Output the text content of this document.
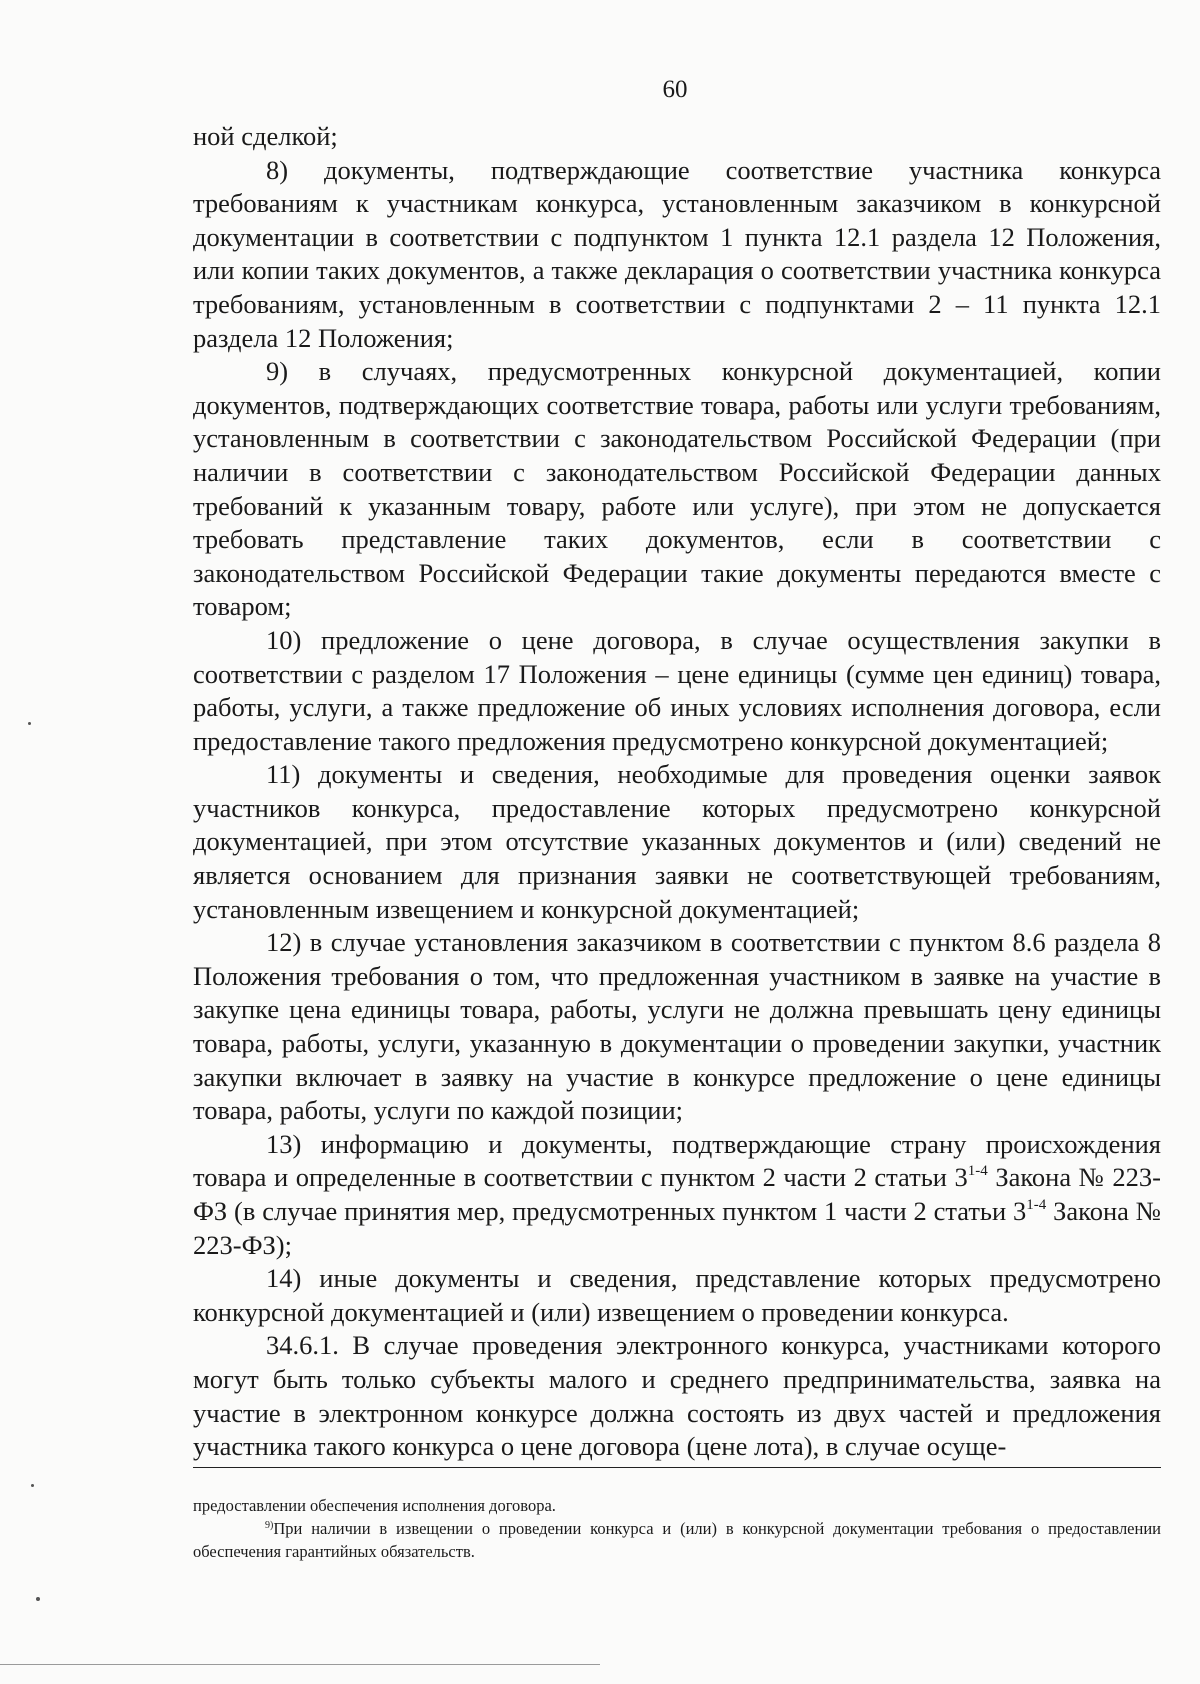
60

ной сделкой;

8) документы, подтверждающие соответствие участника конкурса требованиям к участникам конкурса, установленным заказчиком в конкурсной документации в соответствии с подпунктом 1 пункта 12.1 раздела 12 Положения, или копии таких документов, а также декларация о соответствии участника конкурса требованиям, установленным в соответствии с подпунктами 2 – 11 пункта 12.1 раздела 12 Положения;

9) в случаях, предусмотренных конкурсной документацией, копии документов, подтверждающих соответствие товара, работы или услуги требованиям, установленным в соответствии с законодательством Российской Федерации (при наличии в соответствии с законодательством Российской Федерации данных требований к указанным товару, работе или услуге), при этом не допускается требовать представление таких документов, если в соответствии с законодательством Российской Федерации такие документы передаются вместе с товаром;

10) предложение о цене договора, в случае осуществления закупки в соответствии с разделом 17 Положения – цене единицы (сумме цен единиц) товара, работы, услуги, а также предложение об иных условиях исполнения договора, если предоставление такого предложения предусмотрено конкурсной документацией;

11) документы и сведения, необходимые для проведения оценки заявок участников конкурса, предоставление которых предусмотрено конкурсной документацией, при этом отсутствие указанных документов и (или) сведений не является основанием для признания заявки не соответствующей требованиям, установленным извещением и конкурсной документацией;

12) в случае установления заказчиком в соответствии с пунктом 8.6 раздела 8 Положения требования о том, что предложенная участником в заявке на участие в закупке цена единицы товара, работы, услуги не должна превышать цену единицы товара, работы, услуги, указанную в документации о проведении закупки, участник закупки включает в заявку на участие в конкурсе предложение о цене единицы товара, работы, услуги по каждой позиции;

13) информацию и документы, подтверждающие страну происхождения товара и определенные в соответствии с пунктом 2 части 2 статьи 3$^{1-4}$ Закона № 223-ФЗ (в случае принятия мер, предусмотренных пунктом 1 части 2 статьи 3$^{1-4}$ Закона № 223-ФЗ);

14) иные документы и сведения, представление которых предусмотрено конкурсной документацией и (или) извещением о проведении конкурса.

34.6.1. В случае проведения электронного конкурса, участниками которого могут быть только субъекты малого и среднего предпринимательства, заявка на участие в электронном конкурсе должна состоять из двух частей и предложения участника такого конкурса о цене договора (цене лота), в случае осуще-

предоставлении обеспечения исполнения договора.

$^{9)}$При наличии в извещении о проведении конкурса и (или) в конкурсной документации требования о предоставлении обеспечения гарантийных обязательств.
